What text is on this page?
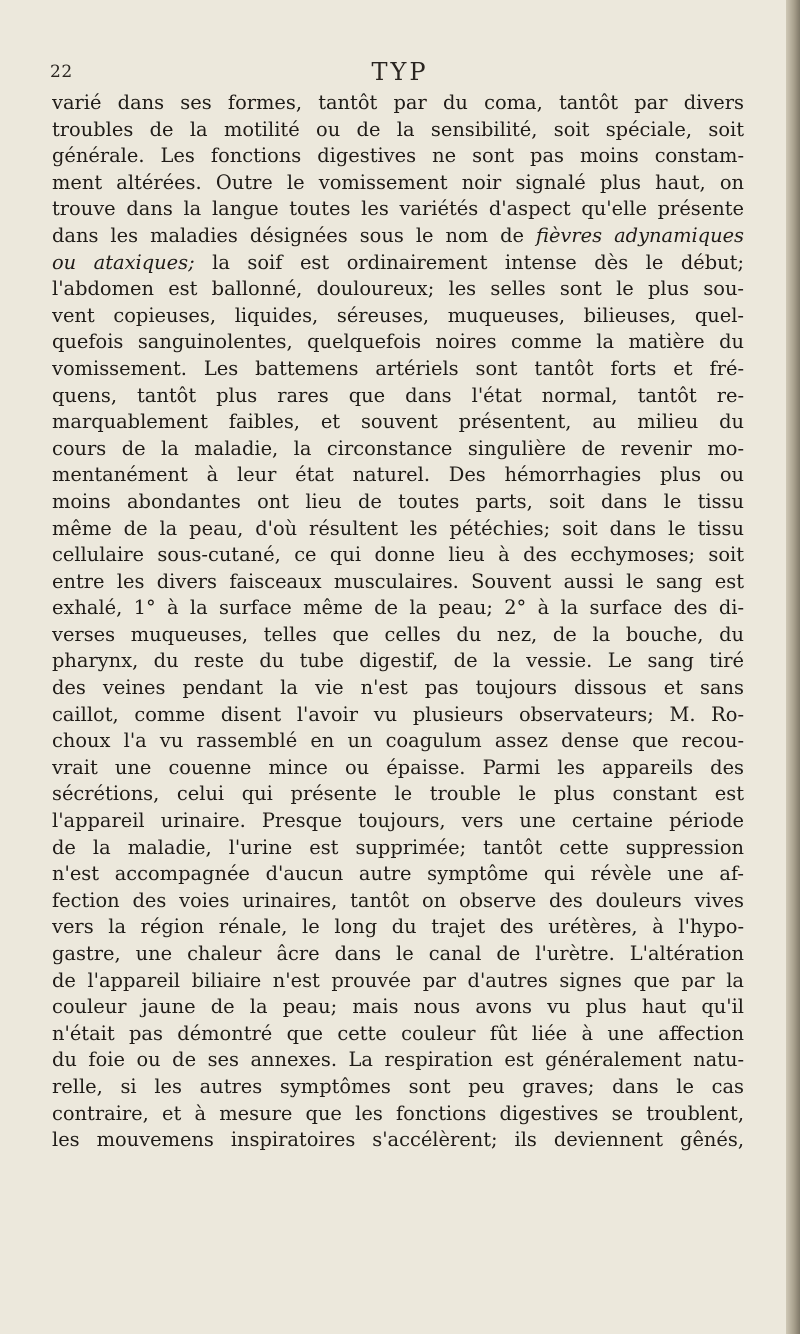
22	TYP
varié dans ses formes, tantôt par du coma, tantôt par divers
troubles de la motilité ou de la sensibilité, soit spéciale, soit
générale. Les fonctions digestives ne sont pas moins constam-
ment altérées. Outre le vomissement noir signalé plus haut, on
trouve dans la langue toutes les variétés d'aspect qu'elle présente
dans les maladies désignées sous le nom de fièvres adynamiques
ou ataxiques; la soif est ordinairement intense dès le début;
l'abdomen est ballonné, douloureux; les selles sont le plus sou-
vent copieuses, liquides, séreuses, muqueuses, bilieuses, quel-
quefois sanguinolentes, quelquefois noires comme la matière du
vomissement. Les battemens artériels sont tantôt forts et fré-
quens, tantôt plus rares que dans l'état normal, tantôt re-
marquablement faibles, et souvent présentent, au milieu du
cours de la maladie, la circonstance singulière de revenir mo-
mentanément à leur état naturel. Des hémorrhagies plus ou
moins abondantes ont lieu de toutes parts, soit dans le tissu
même de la peau, d'où résultent les pétéchies; soit dans le tissu
cellulaire sous-cutané, ce qui donne lieu à des ecchymoses; soit
entre les divers faisceaux musculaires. Souvent aussi le sang est
exhalé, 1° à la surface même de la peau; 2° à la surface des di-
verses muqueuses, telles que celles du nez, de la bouche, du
pharynx, du reste du tube digestif, de la vessie. Le sang tiré
des veines pendant la vie n'est pas toujours dissous et sans
caillot, comme disent l'avoir vu plusieurs observateurs; M. Ro-
choux l'a vu rassemblé en un coagulum assez dense que recou-
vrait une couenne mince ou épaisse. Parmi les appareils des
sécrétions, celui qui présente le trouble le plus constant est
l'appareil urinaire. Presque toujours, vers une certaine période
de la maladie, l'urine est supprimée; tantôt cette suppression
n'est accompagnée d'aucun autre symptôme qui révèle une af-
fection des voies urinaires, tantôt on observe des douleurs vives
vers la région rénale, le long du trajet des urétères, à l'hypo-
gastre, une chaleur âcre dans le canal de l'urètre. L'altération
de l'appareil biliaire n'est prouvée par d'autres signes que par la
couleur jaune de la peau; mais nous avons vu plus haut qu'il
n'était pas démontré que cette couleur fût liée à une affection
du foie ou de ses annexes. La respiration est généralement natu-
relle, si les autres symptômes sont peu graves; dans le cas
contraire, et à mesure que les fonctions digestives se troublent,
les mouvemens inspiratoires s'accélèrent; ils deviennent gênés,
